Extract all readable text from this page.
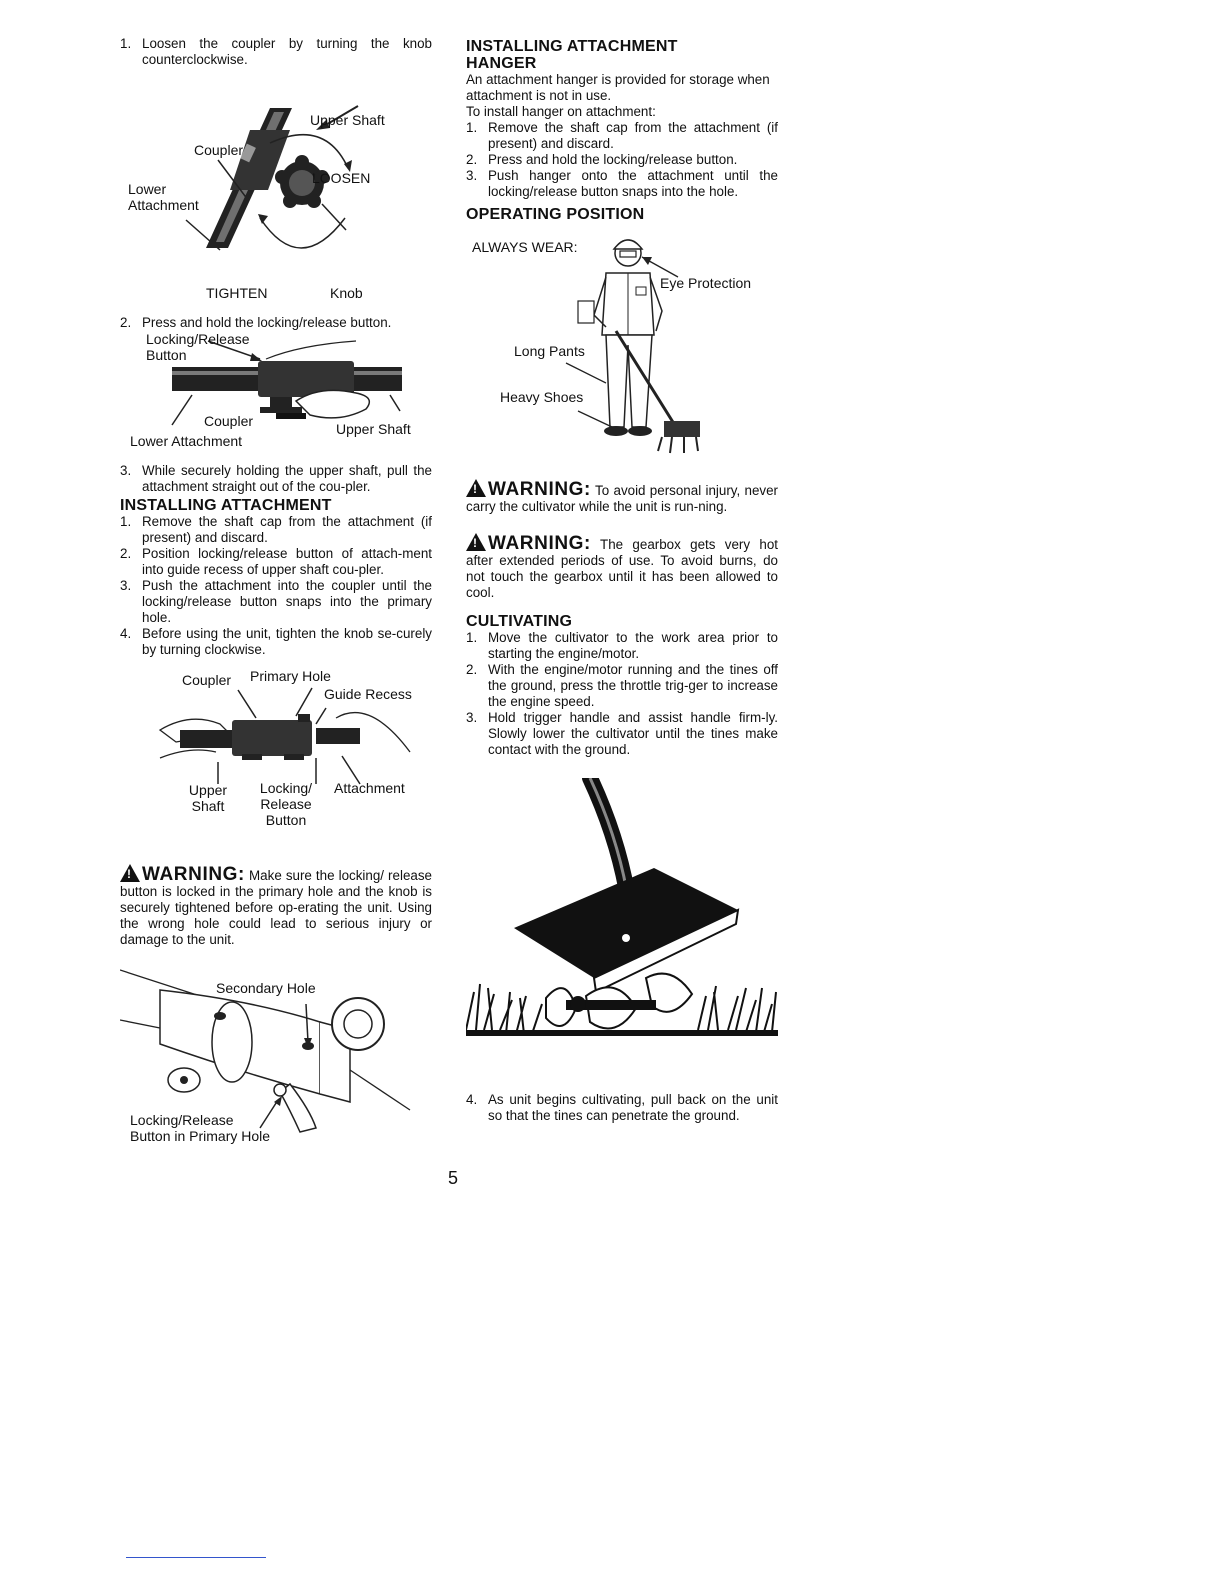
1. Loosen the coupler by turning the knob counterclockwise.
Upper Shaft
Coupler
LOOSEN
Lower
Attachment
TIGHTEN	Knob
2. Press and hold the locking/release button.
Locking/Release
Button
Coupler	Upper Shaft
Lower Attachment
3. While securely holding the upper shaft, pull the attachment straight out of the cou-pler.
INSTALLING ATTACHMENT
1. Remove the shaft cap from the attachment (if present) and discard.
2. Position locking/release button of attach-ment into guide recess of upper shaft cou-pler.
3. Push the attachment into the coupler until the locking/release button snaps into the primary hole.
4. Before using the unit, tighten the knob se-curely by turning clockwise.
Coupler Primary Hole
Guide Recess
Upper
Shaft
Locking/
Release
Button
Attachment

!WARNING: Make sure the locking/ release button is locked in the primary hole and the knob is securely tightened before op-erating the unit. Using the wrong hole could lead to serious injury or damage to the unit.

Secondary Hole
Locking/Release
Button in Primary Hole
INSTALLING ATTACHMENT
HANGER

An attachment hanger is provided for storage when attachment is not in use.

To install hanger on attachment:

1. Remove the shaft cap from the attachment (if present) and discard.
2. Press and hold the locking/release button.
3. Push hanger onto the attachment until the locking/release button snaps into the hole.
OPERATING POSITION
ALWAYS WEAR:
Eye Protection
Long Pants
Heavy Shoes

!WARNING: To avoid personal injury, never carry the cultivator while the unit is run-ning.

!WARNING: The gearbox gets very hot after extended periods of use. To avoid burns, do not touch the gearbox until it has been allowed to cool.

CULTIVATING
1. Move the cultivator to the work area prior to starting the engine/motor.
2. With the engine/motor running and the tines off the ground, press the throttle trig-ger to increase the engine speed.
3. Hold trigger handle and assist handle firm-ly. Slowly lower the cultivator until the tines make contact with the ground.
4. As unit begins cultivating, pull back on the unit so that the tines can penetrate the ground.
5
